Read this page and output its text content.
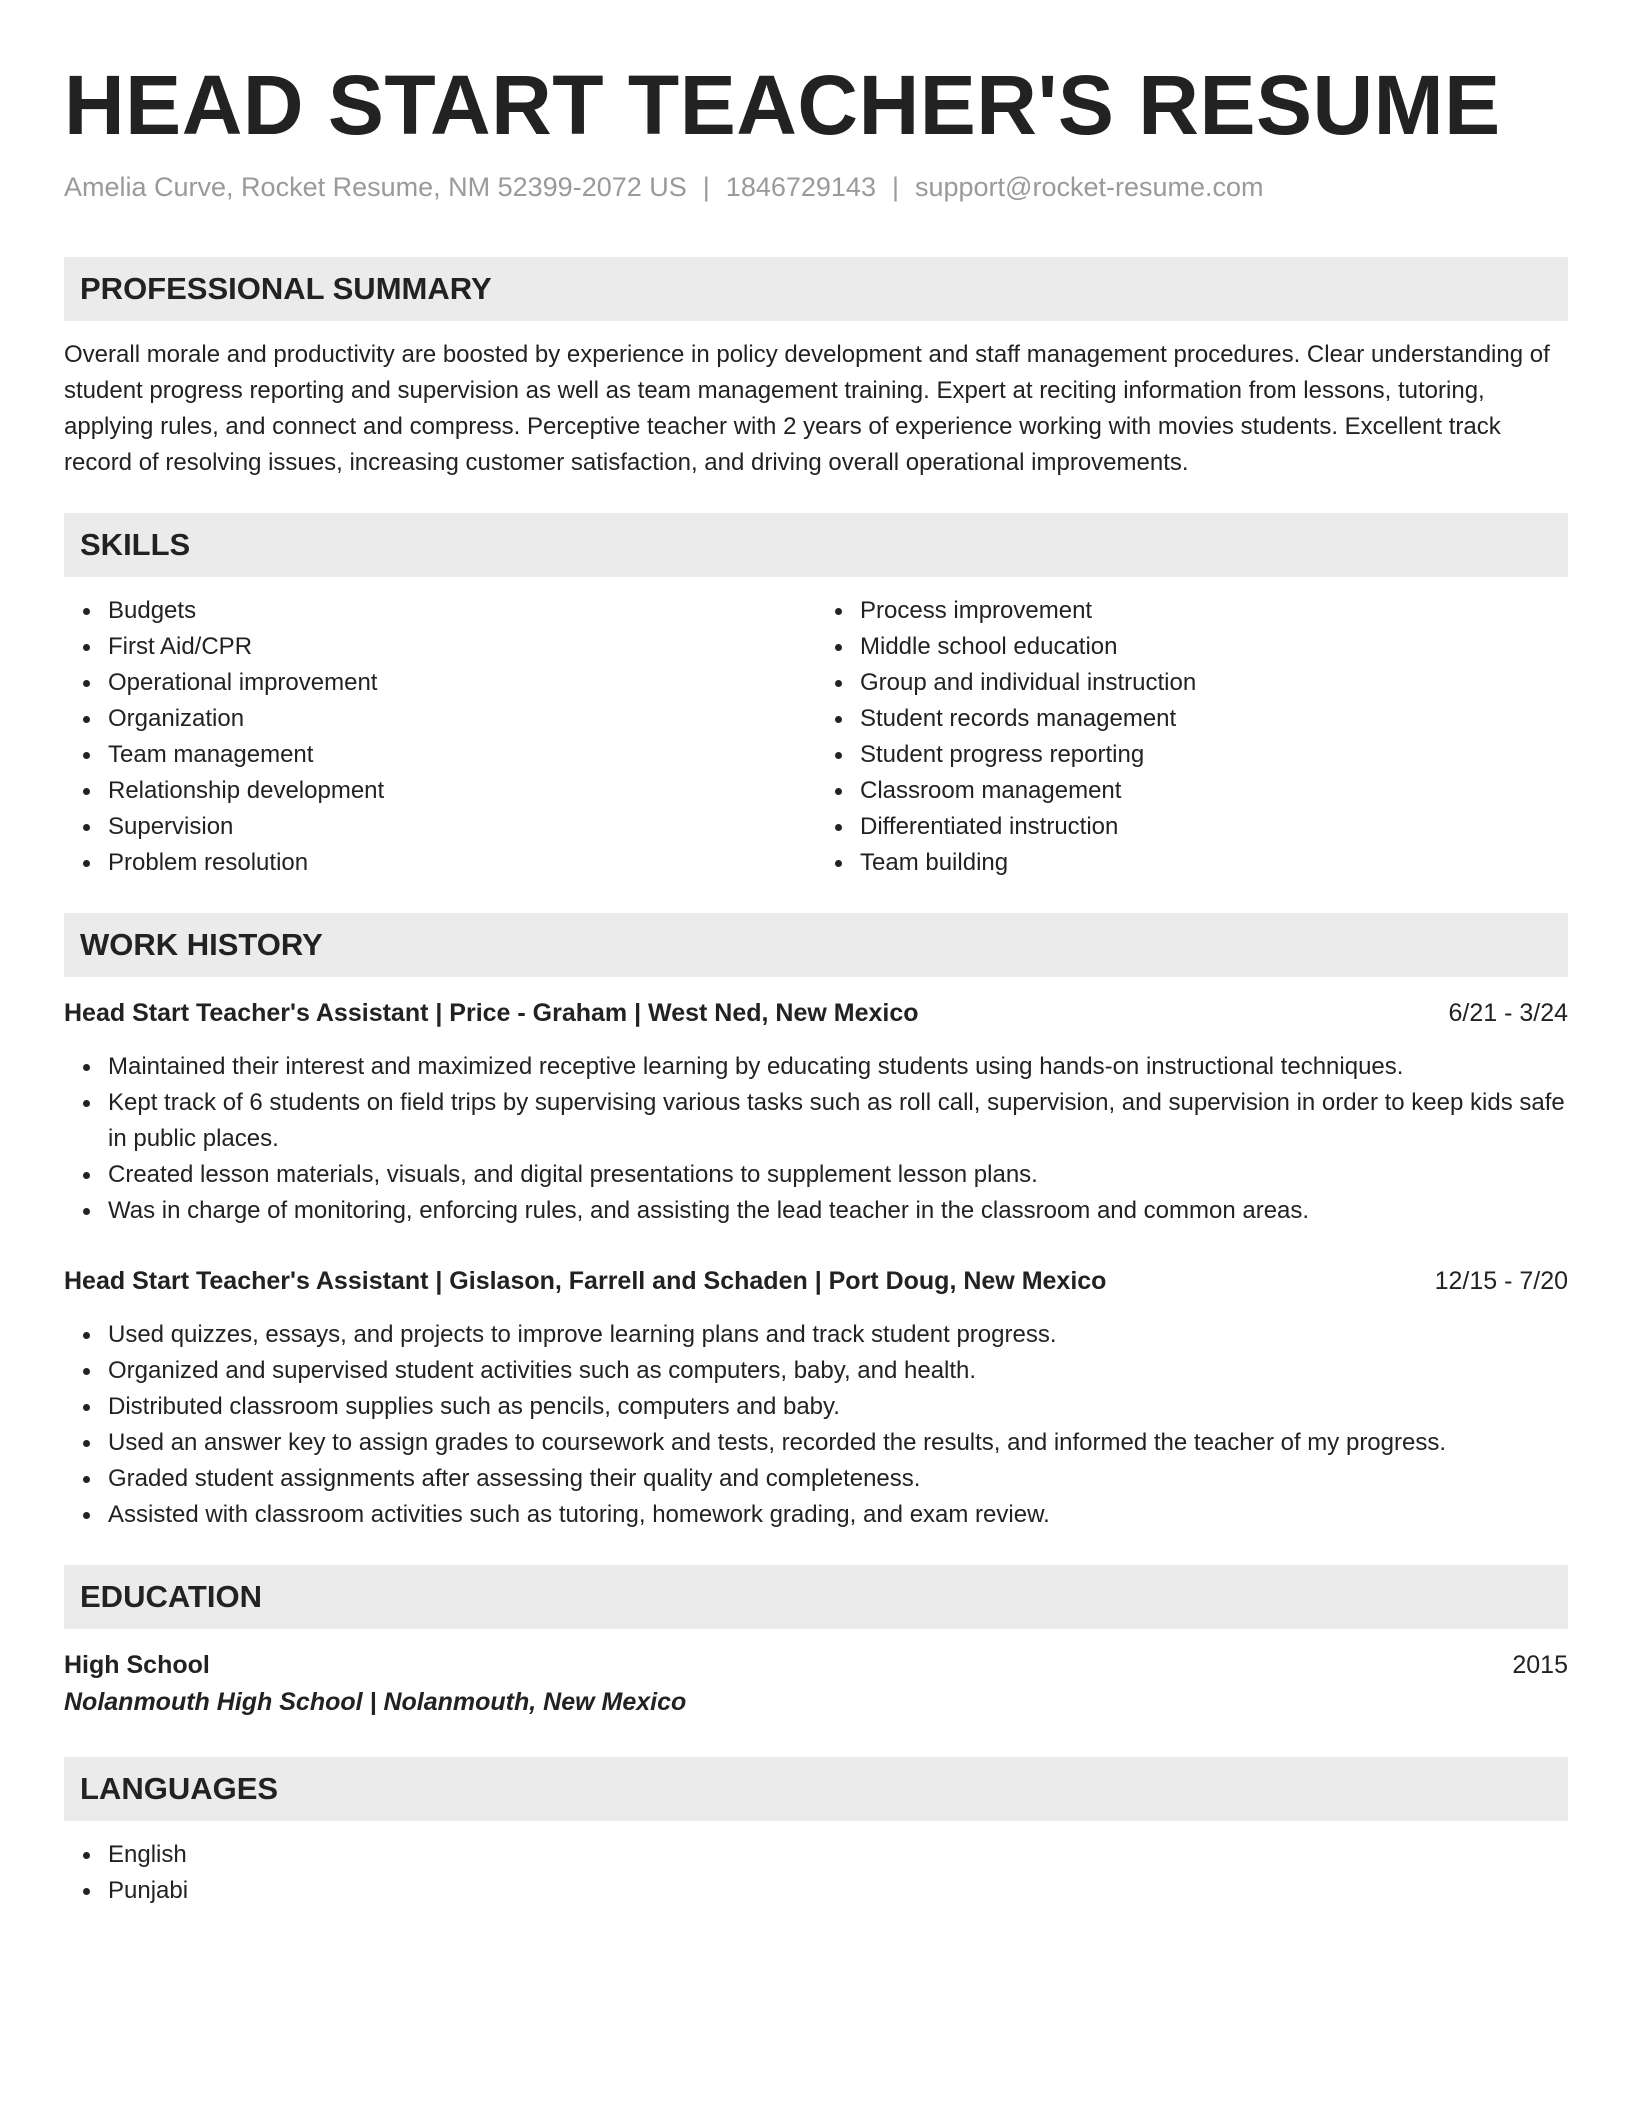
HEAD START TEACHER'S RESUME
Amelia Curve, Rocket Resume, NM 52399-2072 US | 1846729143 | support@rocket-resume.com
PROFESSIONAL SUMMARY
Overall morale and productivity are boosted by experience in policy development and staff management procedures. Clear understanding of student progress reporting and supervision as well as team management training. Expert at reciting information from lessons, tutoring, applying rules, and connect and compress. Perceptive teacher with 2 years of experience working with movies students. Excellent track record of resolving issues, increasing customer satisfaction, and driving overall operational improvements.
SKILLS
Budgets
First Aid/CPR
Operational improvement
Organization
Team management
Relationship development
Supervision
Problem resolution
Process improvement
Middle school education
Group and individual instruction
Student records management
Student progress reporting
Classroom management
Differentiated instruction
Team building
WORK HISTORY
Head Start Teacher's Assistant | Price - Graham | West Ned, New Mexico	6/21 - 3/24
Maintained their interest and maximized receptive learning by educating students using hands-on instructional techniques.
Kept track of 6 students on field trips by supervising various tasks such as roll call, supervision, and supervision in order to keep kids safe in public places.
Created lesson materials, visuals, and digital presentations to supplement lesson plans.
Was in charge of monitoring, enforcing rules, and assisting the lead teacher in the classroom and common areas.
Head Start Teacher's Assistant | Gislason, Farrell and Schaden | Port Doug, New Mexico	12/15 - 7/20
Used quizzes, essays, and projects to improve learning plans and track student progress.
Organized and supervised student activities such as computers, baby, and health.
Distributed classroom supplies such as pencils, computers and baby.
Used an answer key to assign grades to coursework and tests, recorded the results, and informed the teacher of my progress.
Graded student assignments after assessing their quality and completeness.
Assisted with classroom activities such as tutoring, homework grading, and exam review.
EDUCATION
High School	2015
Nolanmouth High School | Nolanmouth, New Mexico
LANGUAGES
English
Punjabi
